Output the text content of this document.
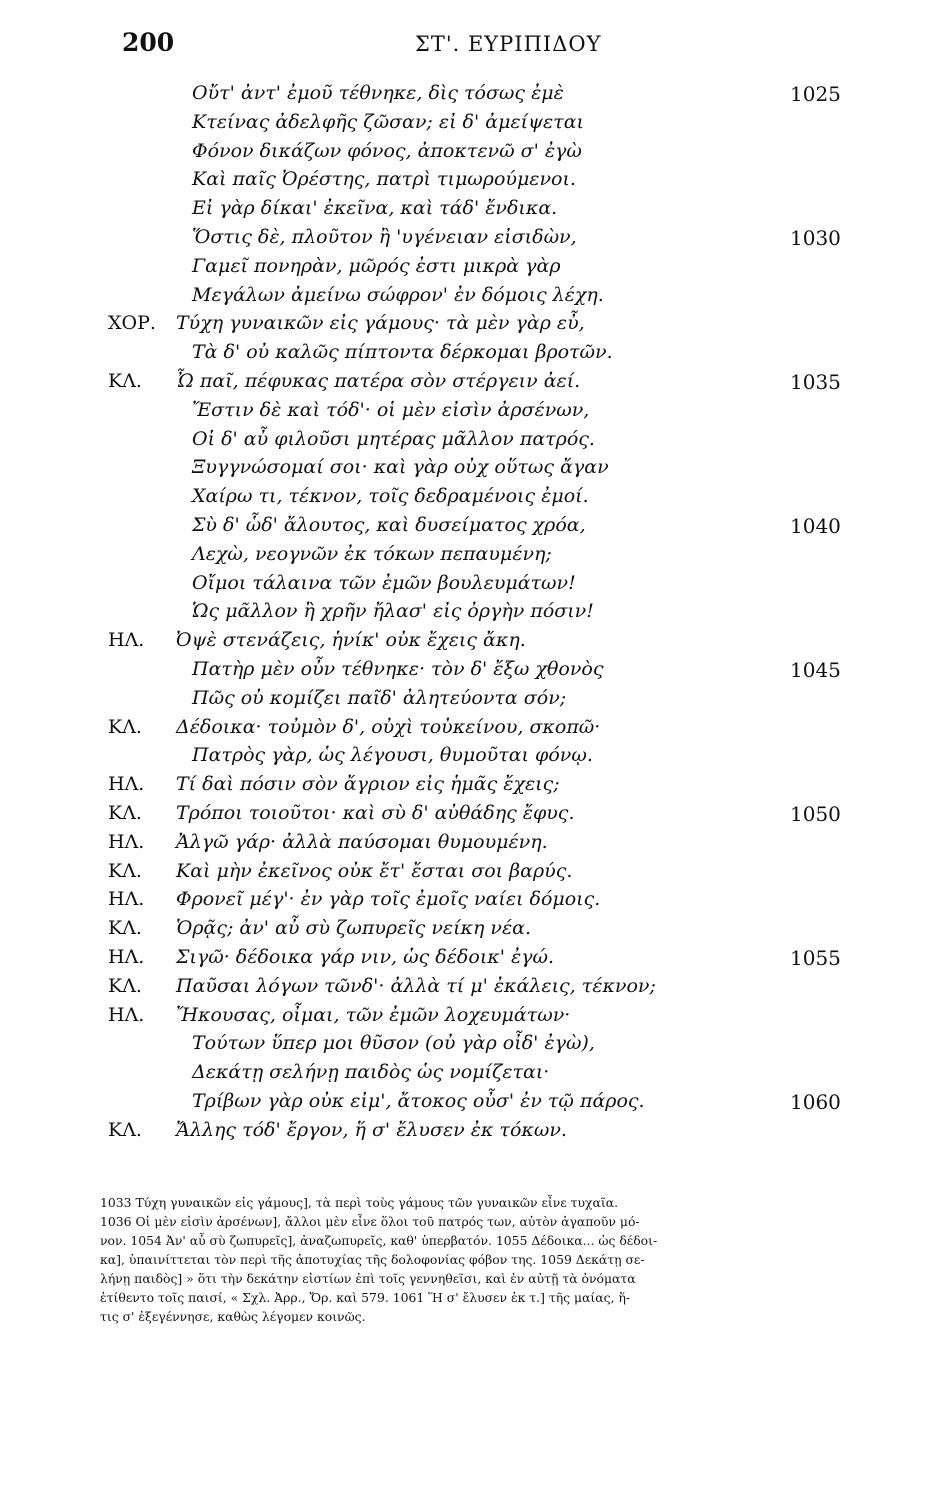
200	ΣΤ'. ΕΥΡΙΠΙΔΟΥ
Οὔτ' ἀντ' ἐμοῦ τέθνηκε, δὶς τόσως ἐμὲ	1025
Κτείνας ἀδελφῆς ζῶσαν; εἰ δ' ἀμείψεται
Φόνον δικάζων φόνος, ἀποκτενῶ σ' ἐγὼ
Καὶ παῖς Ὀρέστης, πατρὶ τιμωρούμενοι.
Εἰ γὰρ δίκαι' ἐκεῖνα, καὶ τάδ' ἔνδικα.
Ὅστις δὲ, πλοῦτον ἢ 'υγένειαν εἰσιδὼν,	1030
Γαμεῖ πονηρὰν, μῶρός ἐστι μικρὰ γὰρ
Μεγάλων ἀμείνω σώφρον' ἐν δόμοις λέχη.
ΧΟΡ. Τύχη γυναικῶν εἰς γάμους· τὰ μὲν γὰρ εὖ,
Τὰ δ' οὐ καλῶς πίπτοντα δέρκομαι βροτῶν.
ΚΛ. Ὦ παῖ, πέφυκας πατέρα σὸν στέργειν ἀεί.	1035
Ἔστιν δὲ καὶ τόδ'· οἱ μὲν εἰσὶν ἀρσένων,
Οἱ δ' αὖ φιλοῦσι μητέρας μᾶλλον πατρός.
Ξυγγνώσομαί σοι· καὶ γὰρ οὐχ οὕτως ἄγαν
Χαίρω τι, τέκνον, τοῖς δεδραμένοις ἐμοί.
Σὺ δ' ὧδ' ἄλουτος, καὶ δυσείματος χρόα,	1040
Λεχὼ, νεογνῶν ἐκ τόκων πεπαυμένη;
Οἴμοι τάλαινα τῶν ἐμῶν βουλευμάτων!
Ὡς μᾶλλον ἢ χρῆν ἤλασ' εἰς ὀργὴν πόσιν!
ΗΛ. Ὀψὲ στενάζεις, ἡνίκ' οὐκ ἔχεις ἄκη.
Πατὴρ μὲν οὖν τέθνηκε· τὸν δ' ἔξω χθονὸς	1045
Πῶς οὐ κομίζει παῖδ' ἀλητεύοντα σόν;
ΚΛ. Δέδοικα· τοὐμὸν δ', οὐχὶ τοὐκείνου, σκοπῶ·
Πατρὸς γὰρ, ὡς λέγουσι, θυμοῦται φόνῳ.
ΗΛ. Τί δαὶ πόσιν σὸν ἄγριον εἰς ἡμᾶς ἔχεις;
ΚΛ. Τρόποι τοιοῦτοι· καὶ σὺ δ' αὐθάδης ἔφυς.	1050
ΗΛ. Ἀλγῶ γάρ· ἀλλὰ παύσομαι θυμουμένη.
ΚΛ. Καὶ μὴν ἐκεῖνος οὐκ ἔτ' ἔσται σοι βαρύς.
ΗΛ. Φρονεῖ μέγ'· ἐν γὰρ τοῖς ἐμοῖς ναίει δόμοις.
ΚΛ. Ὁρᾷς; ἀν' αὖ σὺ ζωπυρεῖς νείκη νέα.
ΗΛ. Σιγῶ· δέδοικα γάρ νιν, ὡς δέδοικ' ἐγώ.	1055
ΚΛ. Παῦσαι λόγων τῶνδ'· ἀλλὰ τί μ' ἐκάλεις, τέκνον;
ΗΛ. Ἤκουσας, οἶμαι, τῶν ἐμῶν λοχευμάτων·
Τούτων ὕπερ μοι θῦσον (οὐ γὰρ οἶδ' ἐγὼ),
Δεκάτῃ σελήνῃ παιδὸς ὡς νομίζεται·
Τρίβων γὰρ οὐκ εἰμ', ἄτοκος οὖσ' ἐν τῷ πάρος.	1060
ΚΛ. Ἄλλης τόδ' ἔργον, ἥ σ' ἔλυσεν ἐκ τόκων.
1033 Τύχη γυναικῶν εἰς γάμους], τὰ περὶ τοὺς γάμους τῶν γυναικῶν εἶνε τυχαῖα.
1036 Οἱ μὲν εἰσὶν ἀρσένων], ἄλλοι μὲν εἶνε ὅλοι τοῦ πατρός των, αὐτὸν ἀγαποῦν μό-
νον. 1054 Ἀν' αὖ σὺ ζωπυρεῖς], ἀναζωπυρεῖς, καθ' ὑπερβατόν. 1055 Δέδοικα... ὡς δέδοι-
κα], ὑπαινίττεται τὸν περὶ τῆς ἀποτυχίας τῆς δολοφονίας φόβον της. 1059 Δεκάτῃ σε-
λήνῃ παιδὸς] » ὅτι τὴν δεκάτην εἰστίων ἐπὶ τοῖς γεννηθεῖσι, καὶ ἐν αὐτῇ τὰ ὀνόματα
ἐτίθεντο τοῖς παισί, « Σχλ. Ἀρρ., Ὄρ. καὶ 579. 1061 Ἥ σ' ἔλυσεν ἐκ τ.] τῆς μαίας, ἥ-
τις σ' ἐξεγέννησε, καθὼς λέγομεν κοινῶς.
